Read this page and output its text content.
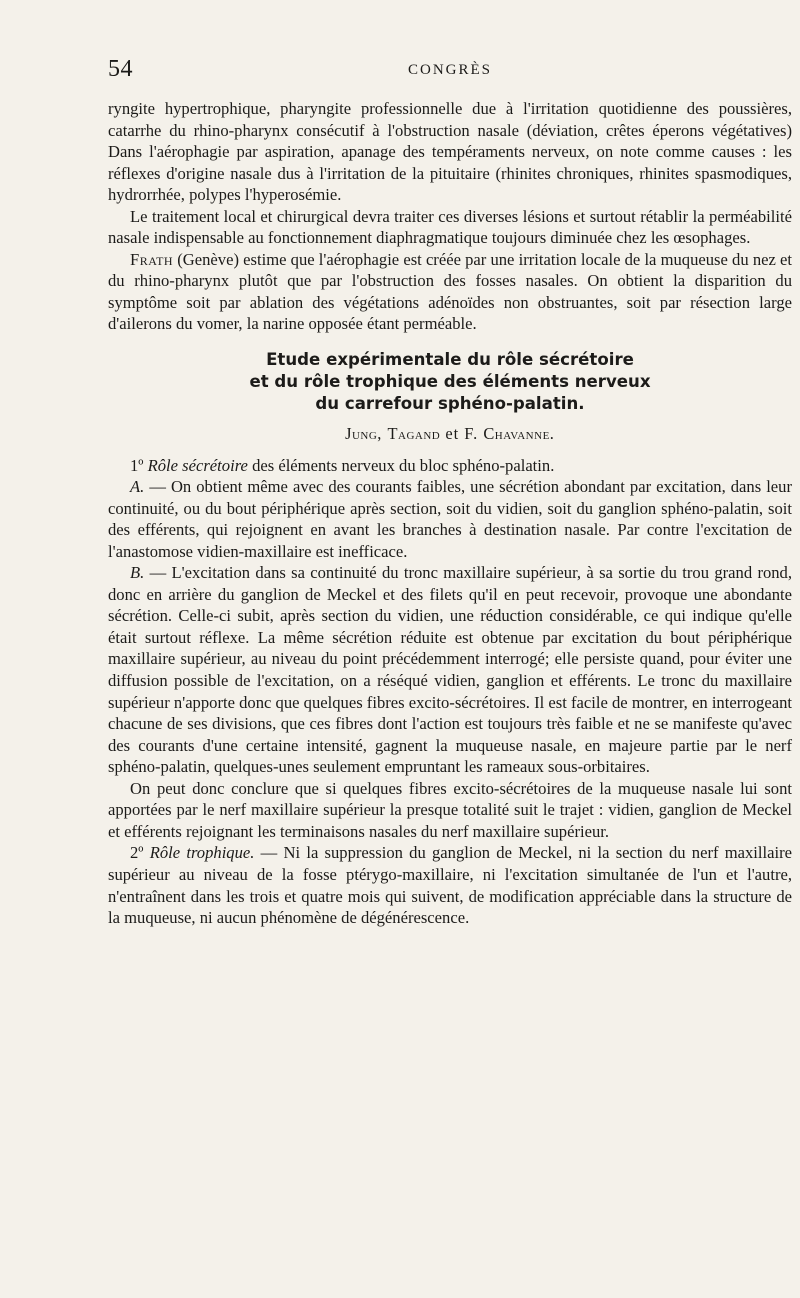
54	CONGRÈS

ryngite hypertrophique, pharyngite professionnelle due à l'irritation quotidienne des poussières, catarrhe du rhino-pharynx consécutif à l'obstruction nasale (déviation, crêtes éperons végétatives) Dans l'aérophagie par aspiration, apanage des tempéraments nerveux, on note comme causes : les réflexes d'origine nasale dus à l'irritation de la pituitaire (rhinites chroniques, rhinites spasmodiques, hydrorrhée, polypes l'hyperosémie.

Le traitement local et chirurgical devra traiter ces diverses lésions et surtout rétablir la perméabilité nasale indispensable au fonctionnement diaphragmatique toujours diminuée chez les œsophages.

Frath (Genève) estime que l'aérophagie est créée par une irritation locale de la muqueuse du nez et du rhino-pharynx plutôt que par l'obstruction des fosses nasales. On obtient la disparition du symptôme soit par ablation des végétations adénoïdes non obstruantes, soit par résection large d'ailerons du vomer, la narine opposée étant perméable.

Etude expérimentale du rôle sécrétoire
et du rôle trophique des éléments nerveux
du carrefour sphéno-palatin.
Jung, Tagand et F. Chavanne.

1º Rôle sécrétoire des éléments nerveux du bloc sphéno-palatin.

A. — On obtient même avec des courants faibles, une sécrétion abondant par excitation, dans leur continuité, ou du bout périphérique après section, soit du vidien, soit du ganglion sphéno-palatin, soit des efférents, qui rejoignent en avant les branches à destination nasale. Par contre l'excitation de l'anastomose vidien-maxillaire est inefficace.

B. — L'excitation dans sa continuité du tronc maxillaire supérieur, à sa sortie du trou grand rond, donc en arrière du ganglion de Meckel et des filets qu'il en peut recevoir, provoque une abondante sécrétion. Celle-ci subit, après section du vidien, une réduction considérable, ce qui indique qu'elle était surtout réflexe. La même sécrétion réduite est obtenue par excitation du bout périphérique maxillaire supérieur, au niveau du point précédemment interrogé; elle persiste quand, pour éviter une diffusion possible de l'excitation, on a réséqué vidien, ganglion et efférents. Le tronc du maxillaire supérieur n'apporte donc que quelques fibres excito-sécrétoires. Il est facile de montrer, en interrogeant chacune de ses divisions, que ces fibres dont l'action est toujours très faible et ne se manifeste qu'avec des courants d'une certaine intensité, gagnent la muqueuse nasale, en majeure partie par le nerf sphéno-palatin, quelques-unes seulement empruntant les rameaux sous-orbitaires.

On peut donc conclure que si quelques fibres excito-sécrétoires de la muqueuse nasale lui sont apportées par le nerf maxillaire supérieur la presque totalité suit le trajet : vidien, ganglion de Meckel et efférents rejoignant les terminaisons nasales du nerf maxillaire supérieur.

2º Rôle trophique. — Ni la suppression du ganglion de Meckel, ni la section du nerf maxillaire supérieur au niveau de la fosse ptérygo-maxillaire, ni l'excitation simultanée de l'un et l'autre, n'entraînent dans les trois et quatre mois qui suivent, de modification appréciable dans la structure de la muqueuse, ni aucun phénomène de dégénérescence.
